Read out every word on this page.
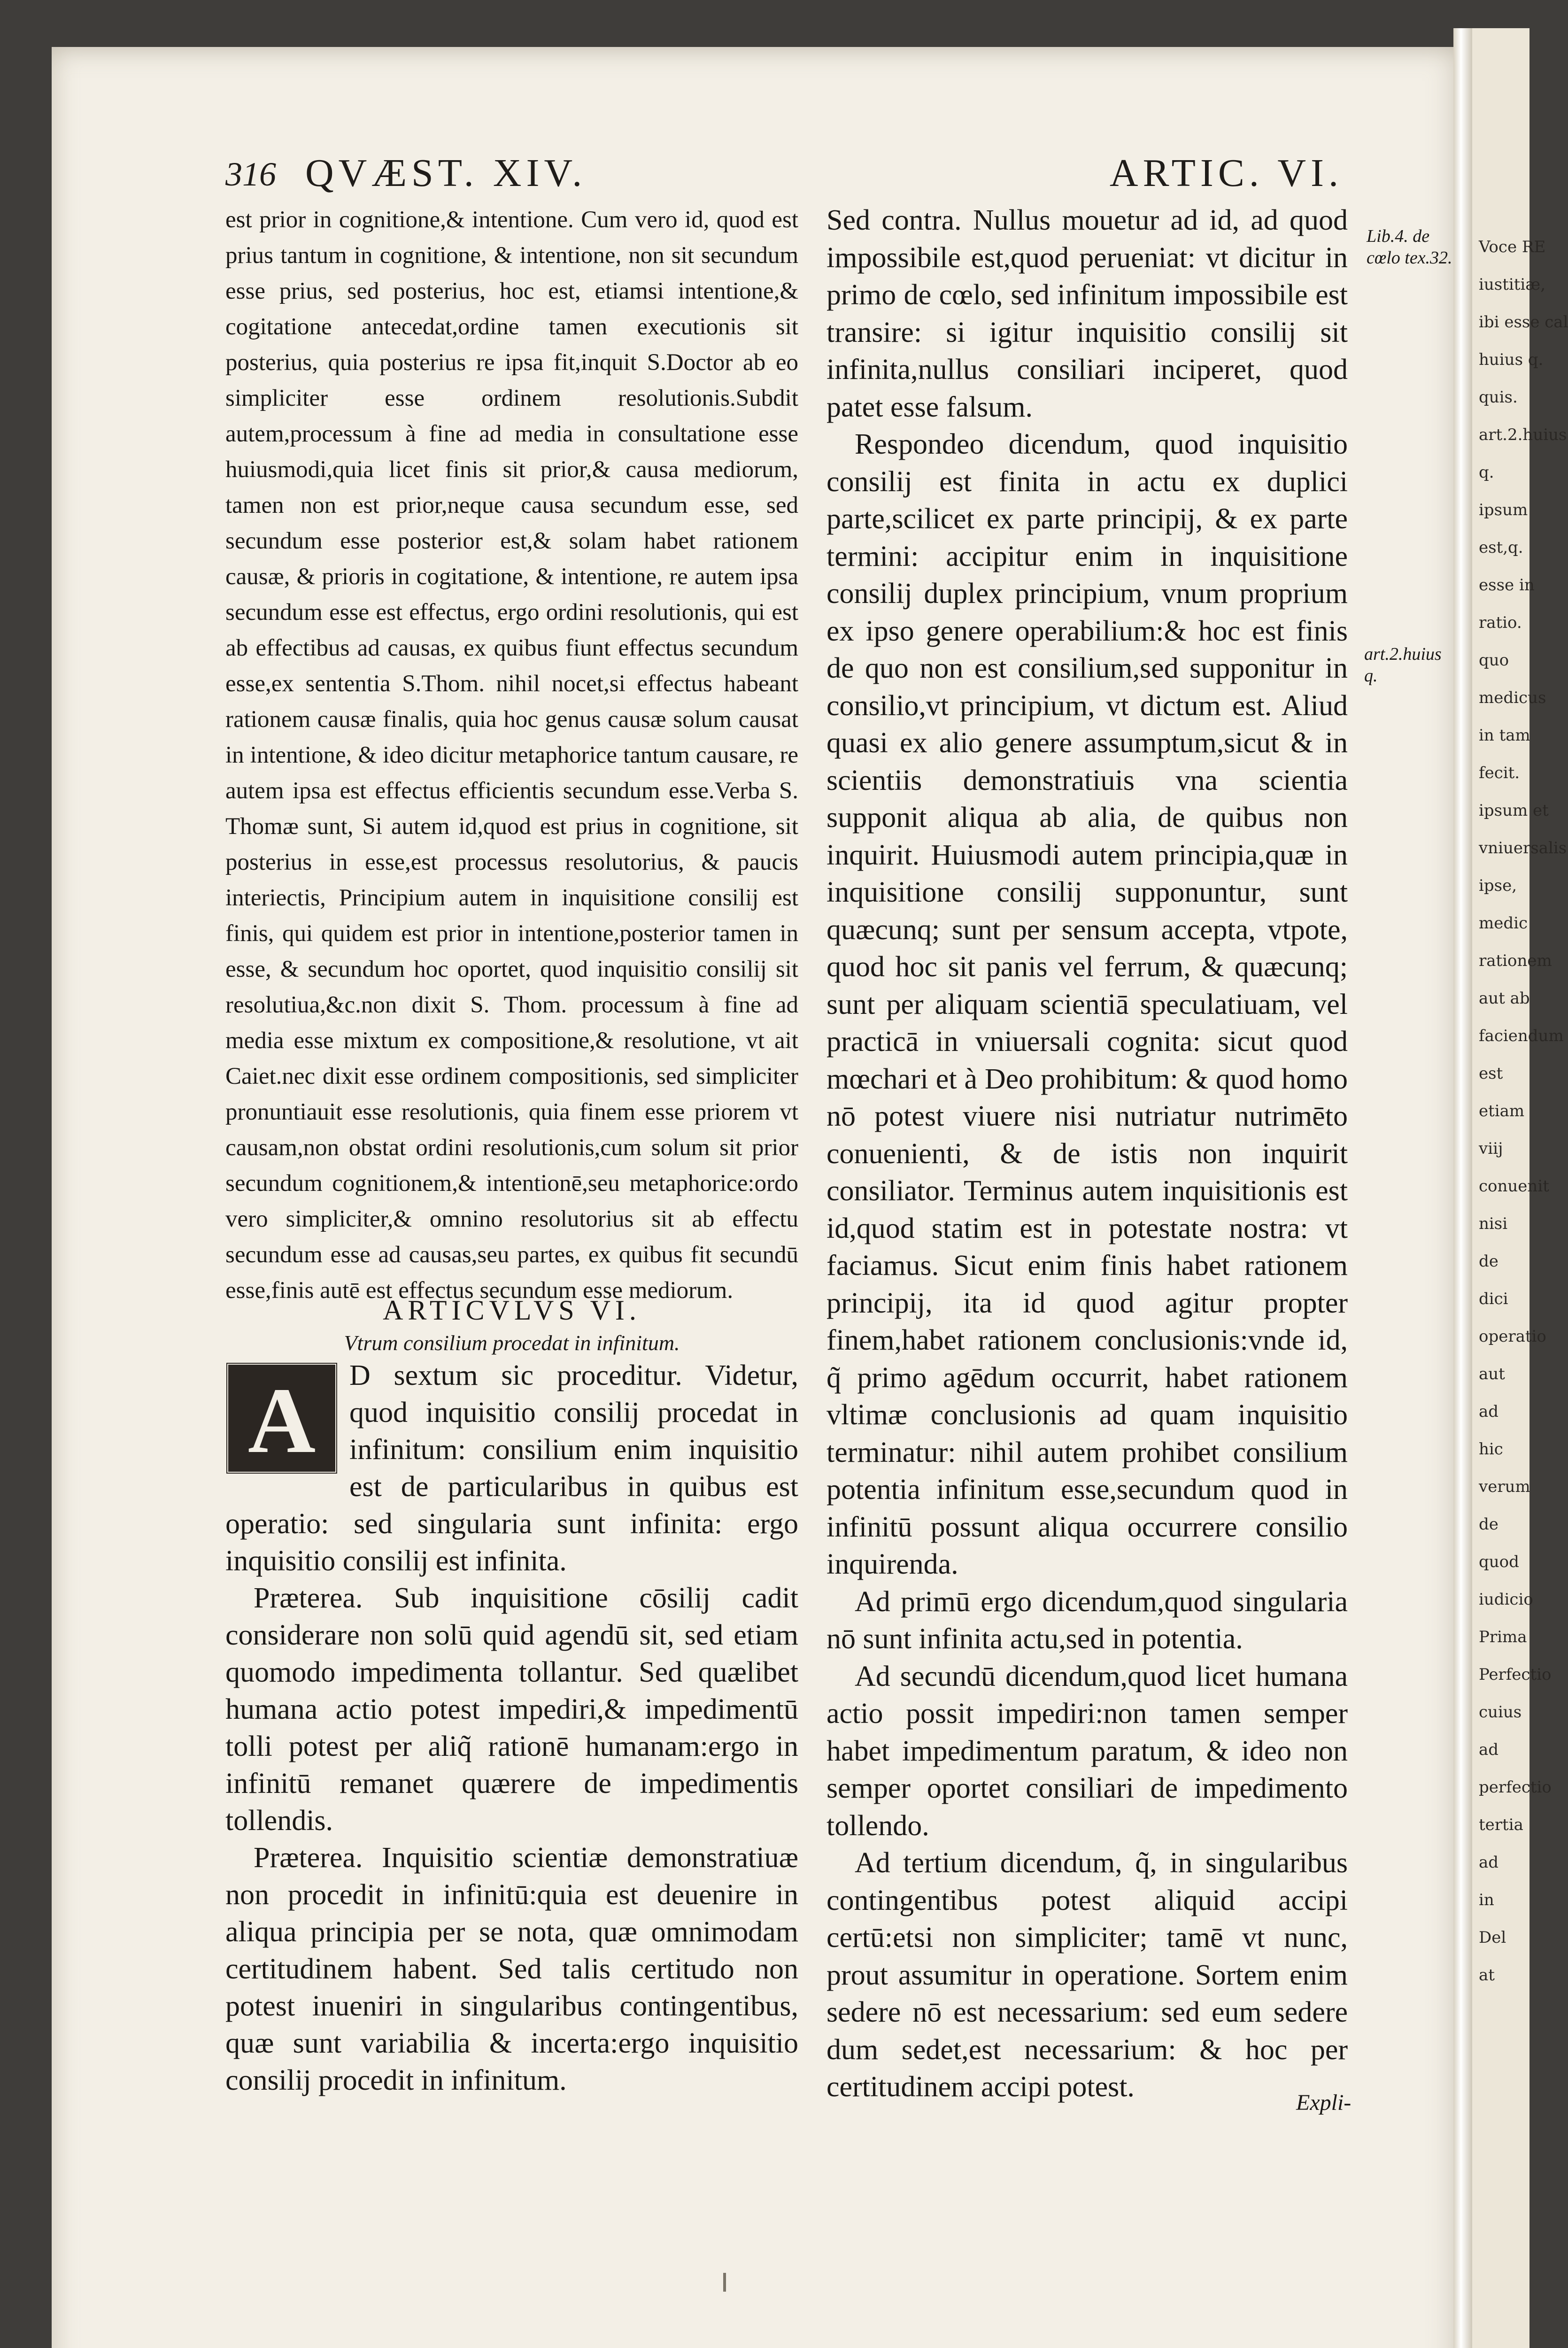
Voce RE
iustitiæ,
ibi esse cal
huius q.
quis.
art.2.huius
q.
ipsum
est,q.
esse in
ratio.
quo
medicus
in tam
fecit.
ipsum et
vniuersalis
ipse,
medic
rationem
aut ab
faciendum
est
etiam
viij
conuenit
nisi
de
dici
operatio
aut
ad
hic
verum
de
quod
iudicio
Prima
Perfectio
cuius
ad
perfectio
tertia
ad
in
Del
at
316 QVÆST. XIV.	ARTIC. VI.

est prior in cognitione,& intentione. Cum vero id, quod est prius tantum in cognitione, & intentione, non sit secundum esse prius, sed posterius, hoc est, etiamsi intentione,& cogitatione antecedat,ordine tamen executionis sit posterius, quia posterius re ipsa fit,inquit S.Doctor ab eo simpliciter esse ordinem resolutionis.Subdit autem,processum à fine ad media in consultatione esse huiusmodi,quia licet finis sit prior,& causa mediorum, tamen non est prior,neque causa secundum esse, sed secundum esse posterior est,& solam habet rationem causæ, & prioris in cogitatione, & intentione, re autem ipsa secundum esse est effectus, ergo ordini resolutionis, qui est ab effectibus ad causas, ex quibus fiunt effectus secundum esse,ex sententia S.Thom. nihil nocet,si effectus habeant rationem causæ finalis, quia hoc genus causæ solum causat in intentione, & ideo dicitur metaphorice tantum causare, re autem ipsa est effectus efficientis secundum esse.Verba S. Thomæ sunt, Si autem id,quod est prius in cognitione, sit posterius in esse,est processus resolutorius, & paucis interiectis, Principium autem in inquisitione consilij est finis, qui quidem est prior in intentione,posterior tamen in esse, & secundum hoc oportet, quod inquisitio consilij sit resolutiua,&c.non dixit S. Thom. processum à fine ad media esse mixtum ex compositione,& resolutione, vt ait Caiet.nec dixit esse ordinem compositionis, sed simpliciter pronuntiauit esse resolutionis, quia finem esse priorem vt causam,non obstat ordini resolutionis,cum solum sit prior secundum cognitionem,& intentionē,seu metaphorice:ordo vero simpliciter,& omnino resolutorius sit ab effectu secundum esse ad causas,seu partes, ex quibus fit secundū esse,finis autē est effectus secundum esse mediorum.

ARTICVLVS VI.

Vtrum consilium procedat in infinitum.

A	D sextum sic proceditur. Videtur, quod inquisitio consilij procedat in infinitum: consilium enim inquisitio est de particularibus in quibus est operatio: sed singularia sunt infinita: ergo inquisitio consilij est infinita.

Præterea. Sub inquisitione cōsilij cadit considerare non solū quid agendū sit, sed etiam quomodo impedimenta tollantur. Sed quælibet humana actio potest impediri,& impedimentū tolli potest per aliq̃ rationē humanam:ergo in infinitū remanet quærere de impedimentis tollendis.

Præterea. Inquisitio scientiæ demonstratiuæ non procedit in infinitū:quia est deuenire in aliqua principia per se nota, quæ omnimodam certitudinem habent. Sed talis certitudo non potest inueniri in singularibus contingentibus, quæ sunt variabilia & incerta:ergo inquisitio consilij procedit in infinitum.

Sed contra. Nullus mouetur ad id, ad quod impossibile est,quod perueniat: vt dicitur in primo de cœlo, sed infinitum impossibile est transire: si igitur inquisitio consilij sit infinita,nullus consiliari inciperet, quod patet esse falsum.

Respondeo dicendum, quod inquisitio consilij est finita in actu ex duplici parte,scilicet ex parte principij, & ex parte termini: accipitur enim in inquisitione consilij duplex principium, vnum proprium ex ipso genere operabilium:& hoc est finis de quo non est consilium,sed supponitur in consilio,vt principium, vt dictum est. Aliud quasi ex alio genere assumptum,sicut & in scientiis demonstratiuis vna scientia supponit aliqua ab alia, de quibus non inquirit. Huiusmodi autem principia,quæ in inquisitione consilij supponuntur, sunt quæcunq; sunt per sensum accepta, vtpote, quod hoc sit panis vel ferrum, & quæcunq; sunt per aliquam scientiā speculatiuam, vel practicā in vniuersali cognita: sicut quod mœchari et à Deo prohibitum: & quod homo nō potest viuere nisi nutriatur nutrimēto conuenienti, & de istis non inquirit consiliator. Terminus autem inquisitionis est id,quod statim est in potestate nostra: vt faciamus. Sicut enim finis habet rationem principij, ita id quod agitur propter finem,habet rationem conclusionis:vnde id, q̃ primo agēdum occurrit, habet rationem vltimæ conclusionis ad quam inquisitio terminatur: nihil autem prohibet consilium potentia infinitum esse,secundum quod in infinitū possunt aliqua occurrere consilio inquirenda.

Ad primū ergo dicendum,quod singularia nō sunt infinita actu,sed in potentia.

Ad secundū dicendum,quod licet humana actio possit impediri:non tamen semper habet impedimentum paratum, & ideo non semper oportet consiliari de impedimento tollendo.

Ad tertium dicendum, q̃, in singularibus contingentibus potest aliquid accipi certū:etsi non simpliciter; tamē vt nunc, prout assumitur in operatione. Sortem enim sedere nō est necessarium: sed eum sedere dum sedet,est necessarium: & hoc per certitudinem accipi potest.

Lib.4. de cœlo tex.32.
art.2.huius q.
Expli-
